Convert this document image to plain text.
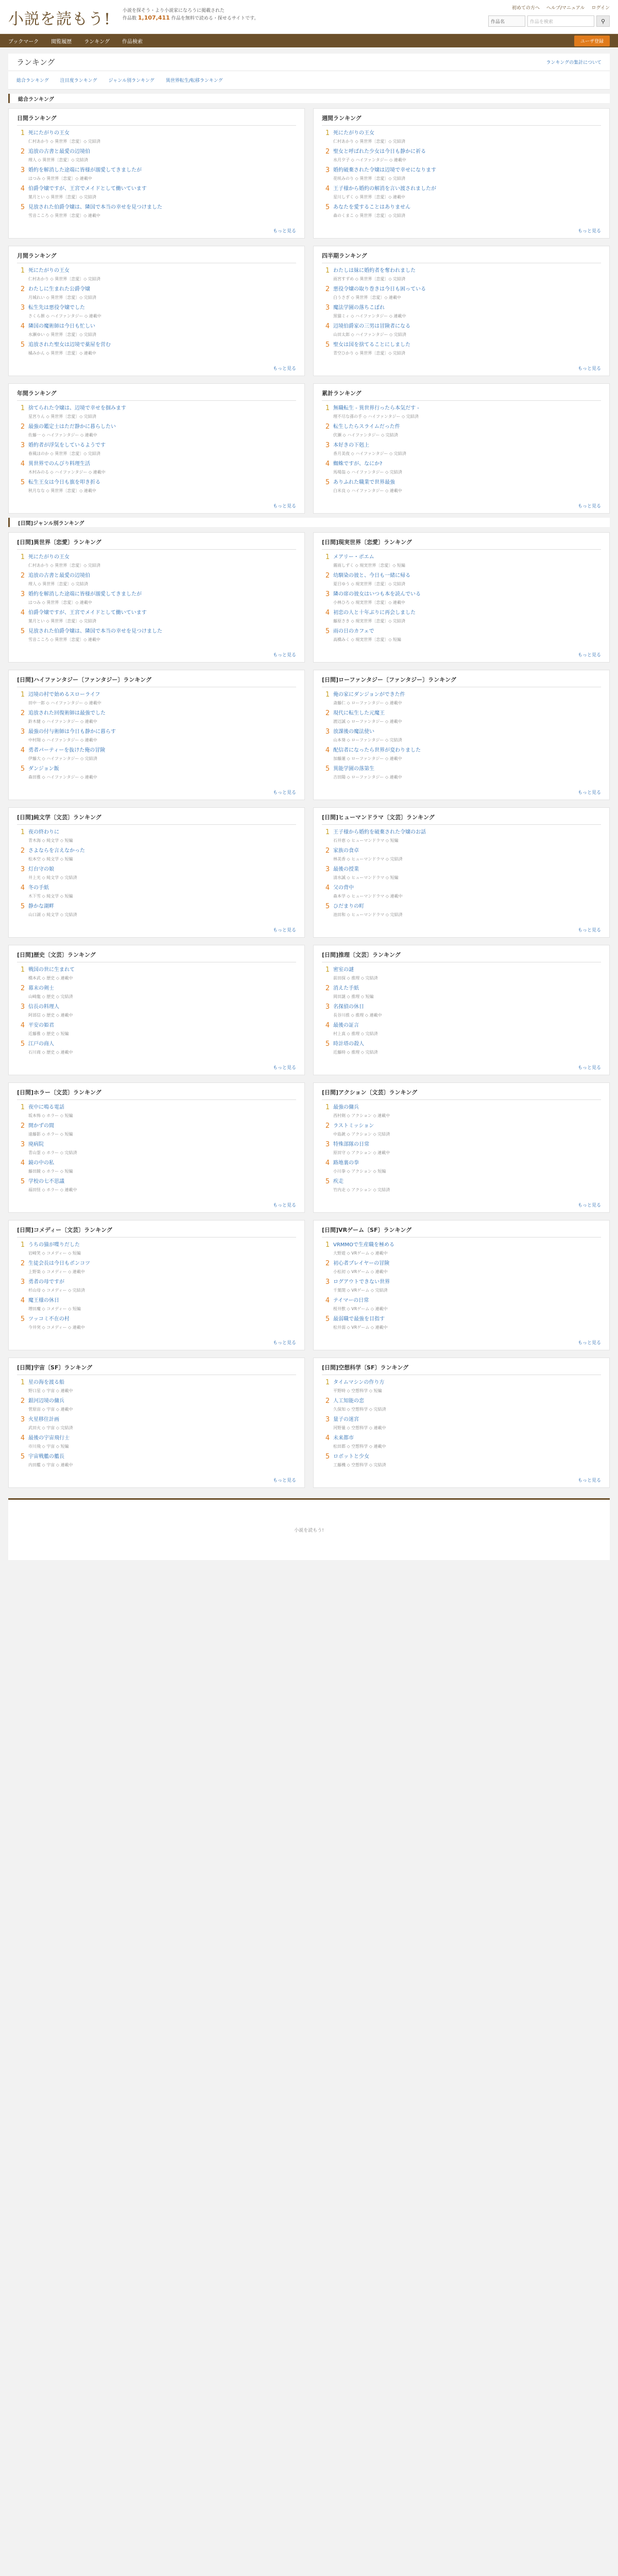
小説を読もう!	小説を探そう・より小説家になろうに掲載された
作品数 1,107,411 作品を無料で読める・探せるサイトです。
初めての方へ ヘルプ/マニュアル ログイン
作品名	作品を検索	⚲
ブックマーク 閲覧履歴 ランキング 作品検索	ユーザ登録
ランキング	ランキングの集計について
総合ランキング 注目度ランキング ジャンル別ランキング 異世界転生/転移ランキング
総合ランキング
日間ランキング
1 死にたがりの王女
仁村あかり ◇ 異世界〔恋愛〕◇ 完結済
2 追放の古書と最愛の辺境伯
理人 ◇ 異世界〔恋愛〕◇ 完結済
3 婚約を解消した途端に皆様が溺愛してきましたが
はつみ ◇ 異世界〔恋愛〕◇ 連載中
4 伯爵令嬢ですが、王宮でメイドとして働いています
葉月とい ◇ 異世界〔恋愛〕◇ 完結済
5 見放された伯爵令嬢は、隣国で本当の幸せを見つけました
雪音こころ ◇ 異世界〔恋愛〕◇ 連載中
もっと見る
週間ランキング
1 死にたがりの王女
仁村あかり ◇ 異世界〔恋愛〕◇ 完結済
2 聖女と呼ばれた少女は今日も静かに祈る
水月夕子 ◇ ハイファンタジー ◇ 連載中
3 婚約破棄された令嬢は辺境で幸せになります
花咲みのり ◇ 異世界〔恋愛〕◇ 完結済
4 王子様から婚約の解消を言い渡されましたが
星川しずく ◇ 異世界〔恋愛〕◇ 連載中
5 あなたを愛することはありません
森のくまこ ◇ 異世界〔恋愛〕◇ 完結済
もっと見る
月間ランキング
1 死にたがりの王女
仁村あかり ◇ 異世界〔恋愛〕◇ 完結済
2 わたしに生まれた公爵令嬢
月城れい ◇ 異世界〔恋愛〕◇ 完結済
3 転生先は悪役令嬢でした
さくら餅 ◇ ハイファンタジー ◇ 連載中
4 隣国の魔術師は今日も忙しい
水瀬ゆい ◇ 異世界〔恋愛〕◇ 完結済
5 追放された聖女は辺境で薬屋を営む
橘みかん ◇ 異世界〔恋愛〕◇ 連載中
もっと見る
四半期ランキング
1 わたしは妹に婚約者を奪われました
雨宮すずめ ◇ 異世界〔恋愛〕◇ 完結済
2 悪役令嬢の取り巻きは今日も困っている
白うさぎ ◇ 異世界〔恋愛〕◇ 連載中
3 魔法学園の落ちこぼれ
黒猫ミィ ◇ ハイファンタジー ◇ 連載中
4 辺境伯爵家の三男は冒険者になる
山田太郎 ◇ ハイファンタジー ◇ 完結済
5 聖女は国を捨てることにしました
青空ひかり ◇ 異世界〔恋愛〕◇ 完結済
もっと見る
年間ランキング
1 捨てられた令嬢は、辺境で幸せを掴みます
星宮りん ◇ 異世界〔恋愛〕◇ 完結済
2 最強の鑑定士はただ静かに暮らしたい
佐藤一 ◇ ハイファンタジー ◇ 連載中
3 婚約者が浮気をしているようです
春風ほのか ◇ 異世界〔恋愛〕◇ 完結済
4 異世界でのんびり料理生活
木村みのる ◇ ハイファンタジー ◇ 連載中
5 転生王女は今日も旗を叩き折る
秋月なな ◇ 異世界〔恋愛〕◇ 連載中
もっと見る
累計ランキング
1 無職転生 - 異世界行ったら本気だす -
理不尽な孫の手 ◇ ハイファンタジー ◇ 完結済
2 転生したらスライムだった件
伏瀬 ◇ ハイファンタジー ◇ 完結済
3 本好きの下剋上
香月美夜 ◇ ハイファンタジー ◇ 完結済
4 蜘蛛ですが、なにか?
馬場翁 ◇ ハイファンタジー ◇ 完結済
5 ありふれた職業で世界最強
白米良 ◇ ハイファンタジー ◇ 連載中
もっと見る
[日間]ジャンル別ランキング
[日間]異世界〔恋愛〕ランキング
1 死にたがりの王女
仁村あかり ◇ 異世界〔恋愛〕◇ 完結済
2 追放の古書と最愛の辺境伯
理人 ◇ 異世界〔恋愛〕◇ 完結済
3 婚約を解消した途端に皆様が溺愛してきましたが
はつみ ◇ 異世界〔恋愛〕◇ 連載中
4 伯爵令嬢ですが、王宮でメイドとして働いています
葉月とい ◇ 異世界〔恋愛〕◇ 完結済
5 見放された伯爵令嬢は、隣国で本当の幸せを見つけました
雪音こころ ◇ 異世界〔恋愛〕◇ 連載中
もっと見る
[日間]現実世界〔恋愛〕ランキング
1 メアリー・ポエム
霧雨しずく ◇ 現実世界〔恋愛〕◇ 短編
2 幼馴染の彼と、今日も一緒に帰る
夏目ゆう ◇ 現実世界〔恋愛〕◇ 完結済
3 隣の席の彼女はいつも本を読んでいる
小林ひろ ◇ 現実世界〔恋愛〕◇ 連載中
4 初恋の人と十年ぶりに再会しました
藤原さき ◇ 現実世界〔恋愛〕◇ 完結済
5 雨の日のカフェで
高橋みく ◇ 現実世界〔恋愛〕◇ 短編
もっと見る
[日間]ハイファンタジー〔ファンタジー〕ランキング
1 辺境の村で始めるスローライフ
田中一郎 ◇ ハイファンタジー ◇ 連載中
2 追放された回復術師は最強でした
鈴木健 ◇ ハイファンタジー ◇ 連載中
3 最強の付与術師は今日も静かに暮らす
中村翔 ◇ ハイファンタジー ◇ 連載中
4 勇者パーティーを抜けた俺の冒険
伊藤大 ◇ ハイファンタジー ◇ 完結済
5 ダンジョン飯
森田雅 ◇ ハイファンタジー ◇ 連載中
もっと見る
[日間]ローファンタジー〔ファンタジー〕ランキング
1 俺の家にダンジョンができた件
斎藤仁 ◇ ローファンタジー ◇ 連載中
2 現代に転生した元魔王
渡辺誠 ◇ ローファンタジー ◇ 連載中
3 放課後の魔法使い
山本葵 ◇ ローファンタジー ◇ 完結済
4 配信者になったら世界が変わりました
加藤蓮 ◇ ローファンタジー ◇ 連載中
5 異能学園の落第生
吉田陽 ◇ ローファンタジー ◇ 連載中
もっと見る
[日間]純文学〔文芸〕ランキング
1 夜の終わりに
青木海 ◇ 純文学 ◇ 短編
2 さよならを言えなかった
松本空 ◇ 純文学 ◇ 短編
3 灯台守の娘
井上光 ◇ 純文学 ◇ 完結済
4 冬の手紙
木下雪 ◇ 純文学 ◇ 短編
5 静かな湖畔
山口湖 ◇ 純文学 ◇ 完結済
もっと見る
[日間]ヒューマンドラマ〔文芸〕ランキング
1 王子様から婚約を破棄された令嬢のお話
石井恵 ◇ ヒューマンドラマ ◇ 短編
2 家族の食卓
林美香 ◇ ヒューマンドラマ ◇ 完結済
3 最後の授業
清水誠 ◇ ヒューマンドラマ ◇ 短編
4 父の背中
森本学 ◇ ヒューマンドラマ ◇ 連載中
5 ひだまりの町
池田和 ◇ ヒューマンドラマ ◇ 完結済
もっと見る
[日間]歴史〔文芸〕ランキング
1 戦国の世に生まれて
橋本武 ◇ 歴史 ◇ 連載中
2 幕末の剣士
山崎龍 ◇ 歴史 ◇ 完結済
3 信長の料理人
阿部信 ◇ 歴史 ◇ 連載中
4 平安の姫君
近藤雅 ◇ 歴史 ◇ 短編
5 江戸の商人
石川商 ◇ 歴史 ◇ 連載中
もっと見る
[日間]推理〔文芸〕ランキング
1 密室の謎
前田探 ◇ 推理 ◇ 完結済
2 消えた手紙
岡田謎 ◇ 推理 ◇ 短編
3 名探偵の休日
長谷川推 ◇ 推理 ◇ 連載中
4 最後の証言
村上真 ◇ 推理 ◇ 完結済
5 時計塔の殺人
近藤時 ◇ 推理 ◇ 完結済
もっと見る
[日間]ホラー〔文芸〕ランキング
1 夜中に鳴る電話
坂本怖 ◇ ホラー ◇ 短編
2 開かずの間
遠藤影 ◇ ホラー ◇ 短編
3 廃病院
青山霊 ◇ ホラー ◇ 完結済
4 鏡の中の私
藤田鏡 ◇ ホラー ◇ 短編
5 学校の七不思議
福田怪 ◇ ホラー ◇ 連載中
もっと見る
[日間]アクション〔文芸〕ランキング
1 最強の傭兵
西村剣 ◇ アクション ◇ 連載中
2 ラストミッション
中島銃 ◇ アクション ◇ 完結済
3 特殊部隊の日常
原田守 ◇ アクション ◇ 連載中
4 路地裏の拳
小川拳 ◇ アクション ◇ 短編
5 疾走
竹内走 ◇ アクション ◇ 完結済
もっと見る
[日間]コメディー〔文芸〕ランキング
1 うちの猫が喋りだした
岩崎笑 ◇ コメディー ◇ 短編
2 生徒会長は今日もポンコツ
上野楽 ◇ コメディー ◇ 連載中
3 勇者の母ですが
杉山母 ◇ コメディー ◇ 完結済
4 魔王様の休日
増田魔 ◇ コメディー ◇ 短編
5 ツッコミ不在の村
今井突 ◇ コメディー ◇ 連載中
もっと見る
[日間]VRゲーム〔SF〕ランキング
1 VRMMOで生産職を極める
大野遊 ◇ VRゲーム ◇ 連載中
2 初心者プレイヤーの冒険
小松初 ◇ VRゲーム ◇ 連載中
3 ログアウトできない世界
千葉閉 ◇ VRゲーム ◇ 完結済
4 テイマーの日常
桜井獣 ◇ VRゲーム ◇ 連載中
5 最弱職で最強を目指す
松井弱 ◇ VRゲーム ◇ 連載中
もっと見る
[日間]宇宙〔SF〕ランキング
1 星の海を渡る船
野口星 ◇ 宇宙 ◇ 連載中
2 銀河辺境の傭兵
菅原宙 ◇ 宇宙 ◇ 連載中
3 火星移住計画
武田火 ◇ 宇宙 ◇ 完結済
4 最後の宇宙飛行士
市川飛 ◇ 宇宙 ◇ 短編
5 宇宙戦艦の艦長
内田艦 ◇ 宇宙 ◇ 連載中
もっと見る
[日間]空想科学〔SF〕ランキング
1 タイムマシンの作り方
平野時 ◇ 空想科学 ◇ 短編
2 人工知能の恋
久保知 ◇ 空想科学 ◇ 完結済
3 量子の迷宮
河野量 ◇ 空想科学 ◇ 連載中
4 未来都市
松田都 ◇ 空想科学 ◇ 連載中
5 ロボットと少女
工藤機 ◇ 空想科学 ◇ 完結済
もっと見る
小説を読もう!
